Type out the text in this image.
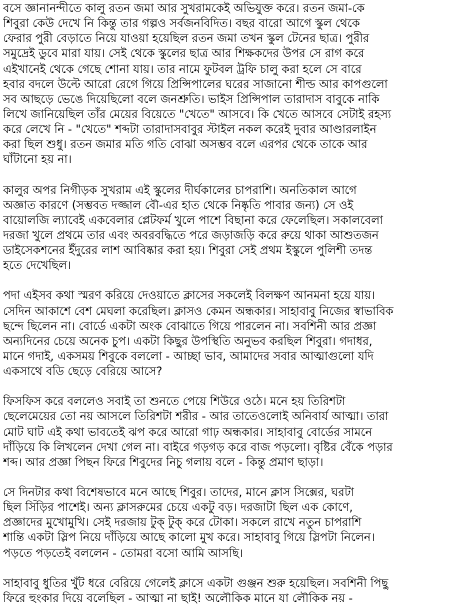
বসে জ্ঞানানন্দীতে কালু রতন জমা আর সুখরামকেই অভিযুক্ত করে। রতন জমা-কে
শিবুরা কেউ দেখে নি কিন্তু তার গল্পও সর্বজনবিদিত। বছর বারো আগে স্কুল থেকে
ফেরার পুরী বেড়াতে নিয়ে যাওয়া হয়েছিল রতন জমা তখন স্কুল টেনের ছাত্র। পুরীর
সমুদ্রেই ডুবে মারা যায়। সেই থেকে স্কুলের ছাত্র আর শিক্ষকদের উপর সে রাগ করে
এইখানেই থেকে গেছে শোনা যায়। তার নামে ফুটবল ট্রফি চালু করা হলে সে বারে
হবার বদলে উল্টে আরো রেগে গিয়ে প্রিন্সিপালের ঘরের সাজানো শীল্ড আর কাপগুলো
সব আছড়ে ভেঙে দিয়েছিলো বলে জনশ্রুতি। ভাইস প্রিন্সিপাল তারাদাস বাবুকে নাকি
লিখে জানিয়েছিল তাঁর মেয়ের বিয়েতে "খেতে" আসবে। কি খেতে আসবে সেটাই রহস্য
করে লেখে নি - "খেতে" শব্দটা তারাদাসবাবুর স্টাইল নকল করেই দুবার আণ্ডারলাইন
করা ছিল শুধু। রতন জমার মতি গতি বোঝা অসম্ভব বলে এরপর থেকে তাকে আর
ঘাঁটানো হয় না।
কালুর অপর নিগীড়ক সুখরাম এই স্কুলের দীর্ঘকালের চাপরাশি। অনতিকাল আগে
অজ্ঞাত কারণে (সম্ভবত দজ্জাল বৌ-এর হাত থেকে নিষ্কৃতি পাবার জন্য) সে ওই
বায়োলজি ল্যাবেই একবেলার প্লেটফর্ম খুলে পাশে বিছানা করে ফেলেছিল। সকালবেলা
দরজা খুলে প্রথমে তার এবং অবরবদ্ধিতে পরে জড়াজড়ি করে রুয়ে থাকা আশুতজন
ডাইসেকশনের ইঁদুরের লাশ আবিষ্কার করা হয়। শিবুরা সেই প্রথম ইস্কুলে পুলিশী তদন্ত
হতে দেখেছিল।
পদা এইসব কথা স্মরণ করিয়ে দেওয়াতে ক্লাসের সকলেই বিলক্ষণ আনমনা হয়ে যায়।
সেদিন আকাশে বেশ মেঘলা করেছিল। ক্লাসও কেমন অন্ধকার। সাহাবাবু নিজের স্বাভাবিক
ছন্দে ছিলেন না। বোর্ডে একটা অংক বোঝাতে গিয়ে পারলেন না। সবশিনী আর প্রজ্ঞা
অন্যদিনের চেয়ে অনেক চুপ। একটা কিছুর উপস্থিতি অনুভব করছিল শিবুরা। গদাধর,
মানে গদাই, একসময় শিবুকে বললো - আচ্ছা ভাব, আমাদের সবার আত্মাগুলো যদি
একসাথে বডি ছেড়ে বেরিয়ে আসে?
ফিসফিস করে বললেও সবাই তা শুনতে পেয়ে শিউরে ওঠে। মনে হয় তিরিশটা
ছেলেমেয়ের তো নয় আসলে তিরিশটা শরীর - আর তাতেওলোই অনিবার্য আত্মা। তারা
মোট ঘাট এই কথা ভাবতেই ঝপ করে আরো গাঢ় অন্ধকার। সাহাবাবু বোর্ডের সামনে
দাঁড়িয়ে কি লিখলেন দেখা গেল না। বাইরে গড়গড় করে বাজ পড়লো। বৃষ্টির বেঁকে পড়ার
শব্দ। আর প্রজ্ঞা পিছন ফিরে শিবুদের নিচু গলায় বলে - কিন্তু প্রমাণ ছাড়া।
সে দিনটার কথা বিশেষভাবে মনে আছে শিবুর। তাদের, মানে ক্লাস সিক্সের, ঘরটা
ছিল সিঁড়ির পাশেই। অন্য ক্লাসরুমের চেয়ে একটু বড়। দরজাটা ছিল এক কোণে,
প্রজ্ঞাদের মুখোমুখি। সেই দরজায় টুক্ টুক্ করে টোকা। সকলে রাখে নতুন চাপরাশি
শান্তি একটা স্লিপ নিয়ে দাঁড়িয়ে আছে কালো মুখ করে। সাহাবাবু গিয়ে স্লিপটা নিলেন।
পড়তে পড়তেই বললেন - তোমরা বসো আমি আসছি।
সাহাবাবু ধুতির খুঁট ধরে বেরিয়ে গেলেই ক্লাসে একটা গুঞ্জন শুরু হয়েছিল। সবশিনী পিছু
ফিরে হুংকার দিয়ে বলেছিল - আত্মা না ছাই! অলৌকিক মানে যা লৌকিক নয় -
